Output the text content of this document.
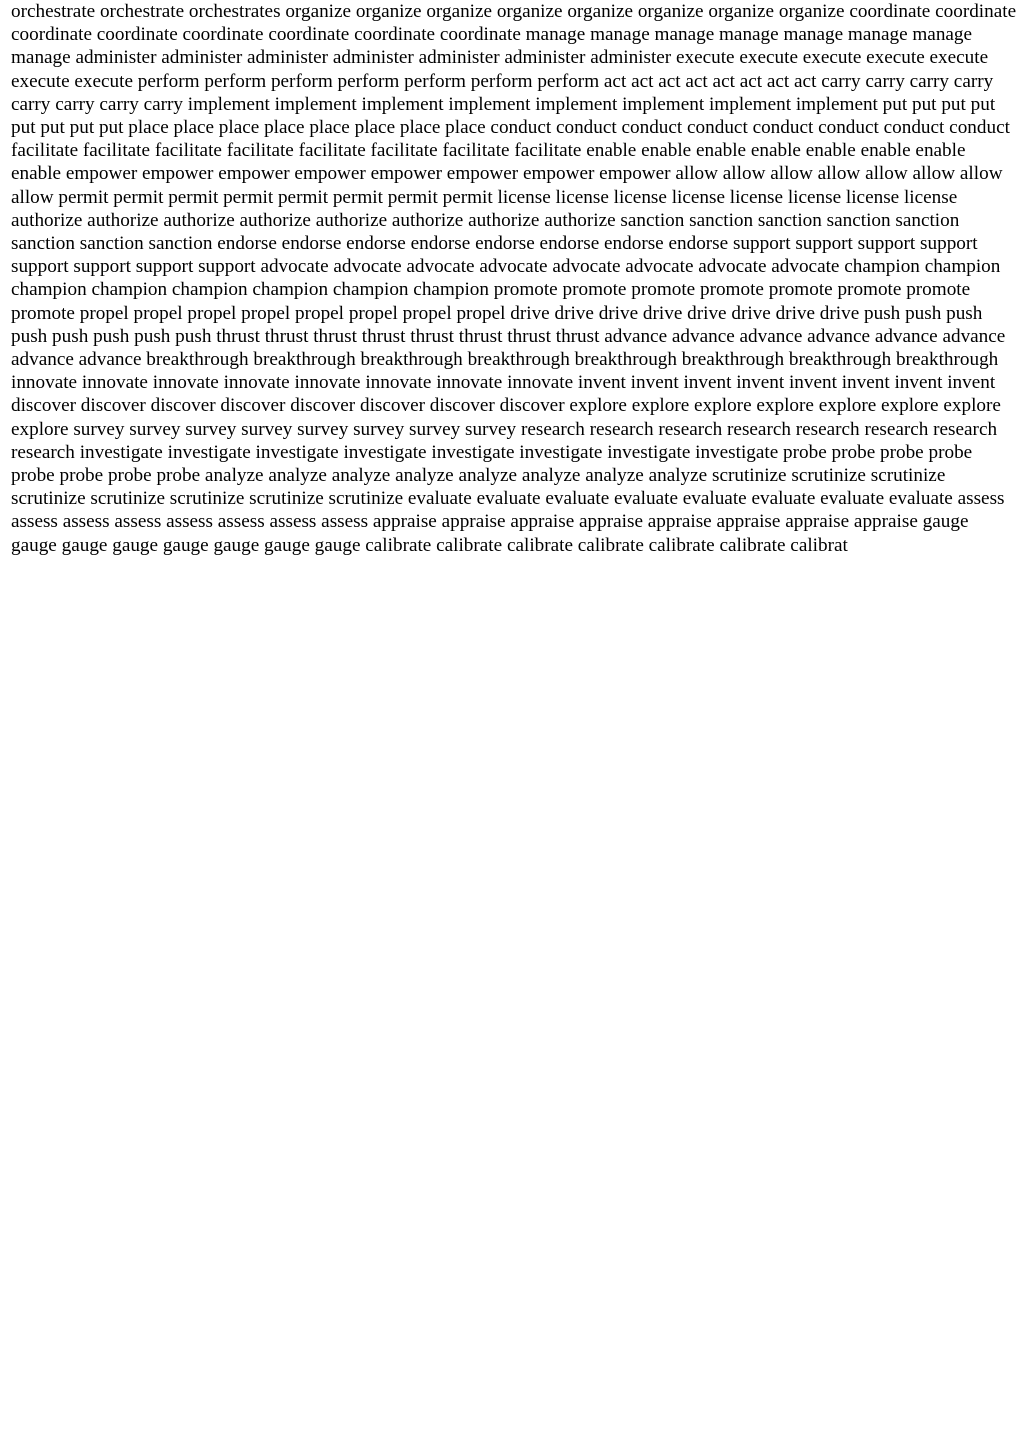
orchestrate orchestrate orchestrates organize organize organize organize organize organize organize organize coordinate coordinate coordinate coordinate coordinate coordinate coordinate coordinate manage manage manage manage manage manage manage manage administer administer administer administer administer administer administer execute execute execute execute execute execute execute perform perform perform perform perform perform perform act act act act act act act act carry carry carry carry carry carry carry carry implement implement implement implement implement implement implement implement put put put put put put put put place place place place place place place place conduct conduct conduct conduct conduct conduct conduct conduct facilitate facilitate facilitate facilitate facilitate facilitate facilitate facilitate enable enable enable enable enable enable enable enable empower empower empower empower empower empower empower empower allow allow allow allow allow allow allow allow permit permit permit permit permit permit permit permit license license license license license license license license authorize authorize authorize authorize authorize authorize authorize authorize sanction sanction sanction sanction sanction sanction sanction sanction endorse endorse endorse endorse endorse endorse endorse endorse support support support support support support support support advocate advocate advocate advocate advocate advocate advocate advocate champion champion champion champion champion champion champion champion promote promote promote promote promote promote promote promote propel propel propel propel propel propel propel propel drive drive drive drive drive drive drive drive push push push push push push push push thrust thrust thrust thrust thrust thrust thrust thrust advance advance advance advance advance advance advance advance breakthrough breakthrough breakthrough breakthrough breakthrough breakthrough breakthrough breakthrough innovate innovate innovate innovate innovate innovate innovate innovate invent invent invent invent invent invent invent invent discover discover discover discover discover discover discover discover explore explore explore explore explore explore explore explore survey survey survey survey survey survey survey survey research research research research research research research research investigate investigate investigate investigate investigate investigate investigate investigate probe probe probe probe probe probe probe probe analyze analyze analyze analyze analyze analyze analyze analyze scrutinize scrutinize scrutinize scrutinize scrutinize scrutinize scrutinize scrutinize evaluate evaluate evaluate evaluate evaluate evaluate evaluate evaluate assess assess assess assess assess assess assess assess appraise appraise appraise appraise appraise appraise appraise appraise gauge gauge gauge gauge gauge gauge gauge gauge calibrate calibrate calibrate calibrate calibrate calibrate calibrat
